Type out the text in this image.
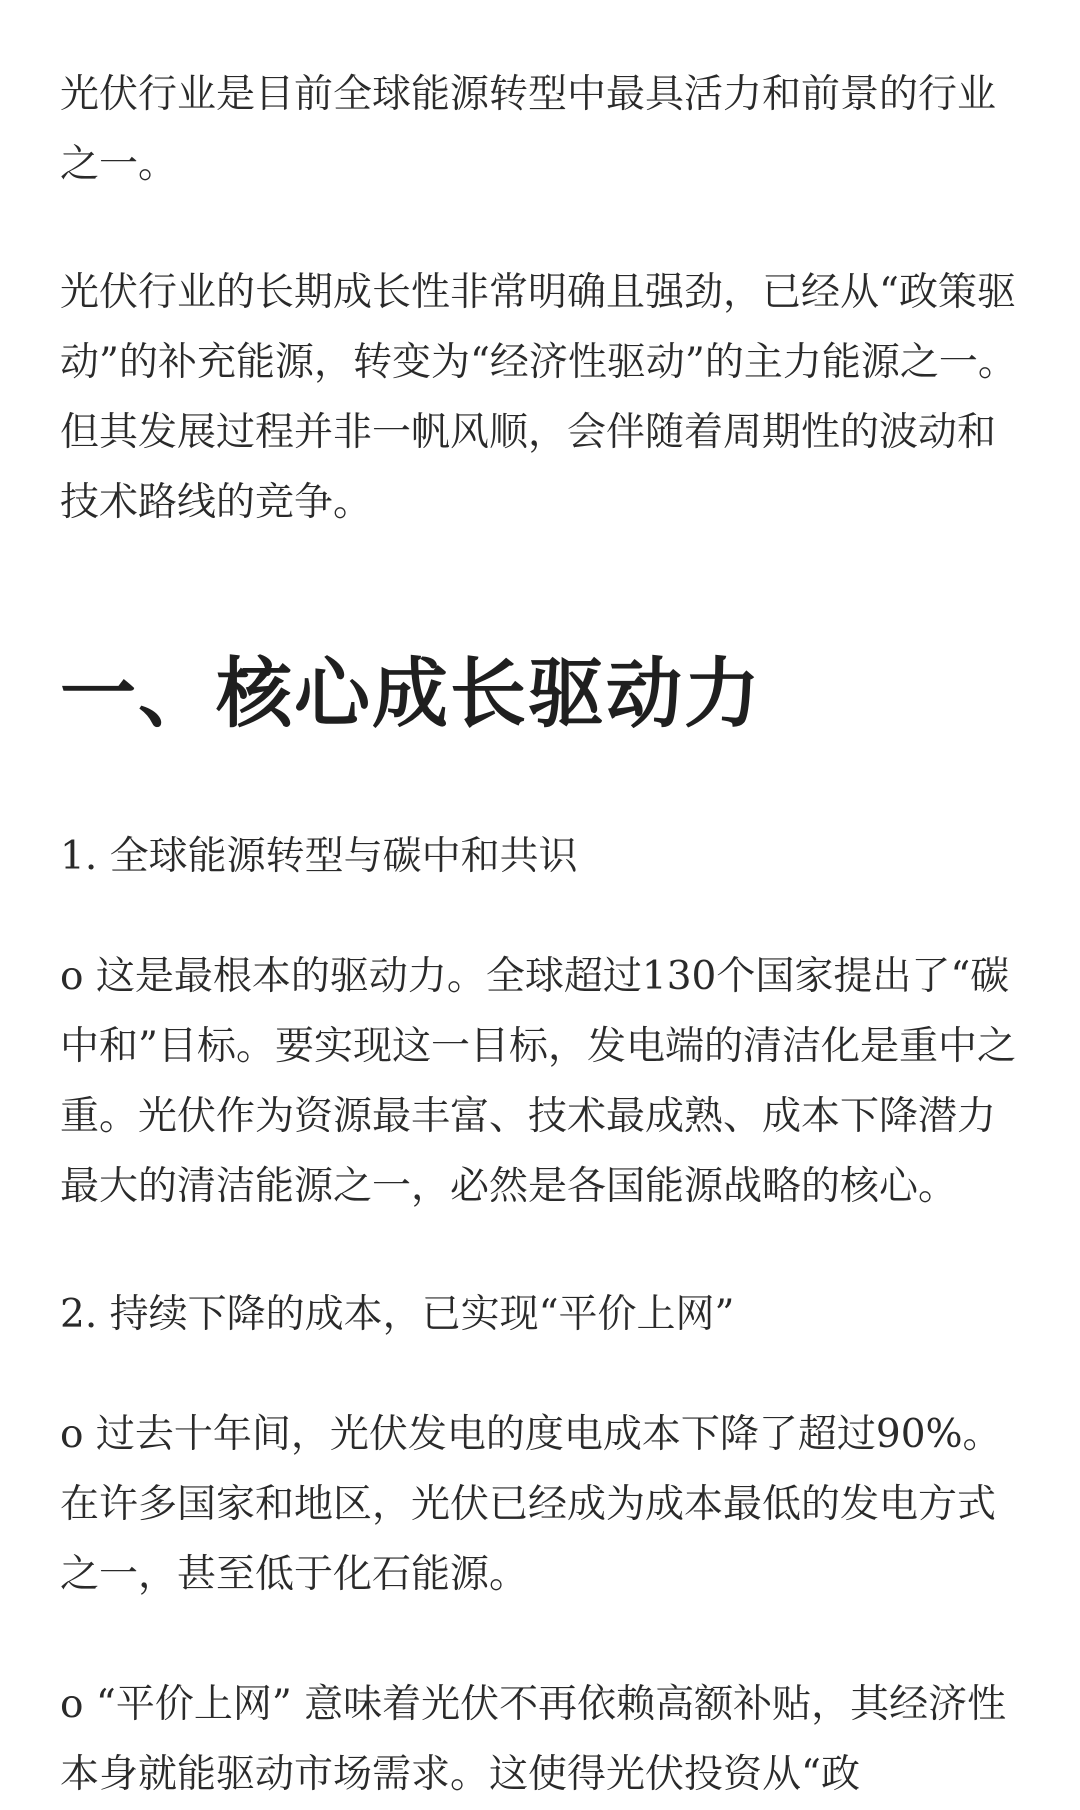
光伏行业是目前全球能源转型中最具活力和前景的行业之一。

光伏行业的长期成长性非常明确且强劲，已经从“政策驱动”的补充能源，转变为“经济性驱动”的主力能源之一。 但其发展过程并非一帆风顺，会伴随着周期性的波动和技术路线的竞争。

一、核心成长驱动力

1. 全球能源转型与碳中和共识

o 这是最根本的驱动力。全球超过130个国家提出了“碳中和”目标。要实现这一目标，发电端的清洁化是重中之重。光伏作为资源最丰富、技术最成熟、成本下降潜力最大的清洁能源之一，必然是各国能源战略的核心。

2. 持续下降的成本，已实现“平价上网”

o 过去十年间，光伏发电的度电成本下降了超过90%。在许多国家和地区，光伏已经成为成本最低的发电方式之一，甚至低于化石能源。

o “平价上网” 意味着光伏不再依赖高额补贴，其经济性本身就能驱动市场需求。这使得光伏投资从“政
